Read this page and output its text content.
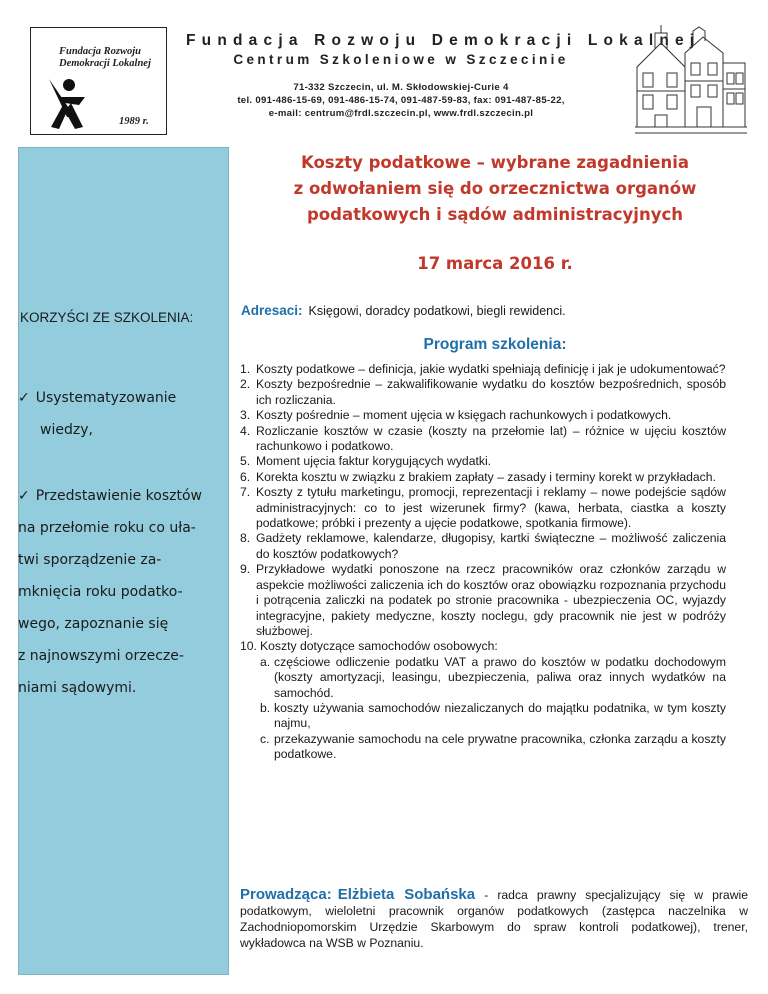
Fundacja Rozwoju
Demokracji Lokalnej
1989 r.
Fundacja Rozwoju Demokracji Lokalnej
Centrum Szkoleniowe w Szczecinie
71-332 Szczecin, ul. M. Skłodowskiej-Curie 4
tel. 091-486-15-69, 091-486-15-74, 091-487-59-83, fax: 091-487-85-22,
e-mail: centrum@frdl.szczecin.pl, www.frdl.szczecin.pl
KORZYŚCI ZE SZKOLENIA:
✓ Usystematyzowanie
wiedzy,
✓ Przedstawienie kosztów
na przełomie roku co uła-
twi sporządzenie za-
mknięcia roku podatko-
wego, zapoznanie się
z najnowszymi orzecze-
niami sądowymi.
Koszty podatkowe – wybrane zagadnienia
z odwołaniem się do orzecznictwa organów
podatkowych i sądów administracyjnych
17 marca 2016 r.
Adresaci: Księgowi, doradcy podatkowi, biegli rewidenci.
Program szkolenia:
1. Koszty podatkowe – definicja, jakie wydatki spełniają definicję i jak je udokumentować?
2. Koszty bezpośrednie – zakwalifikowanie wydatku do kosztów bezpośrednich, sposób ich rozliczania.
3. Koszty pośrednie – moment ujęcia w księgach rachunkowych i podatkowych.
4. Rozliczanie kosztów w czasie (koszty na przełomie lat) – różnice w ujęciu kosztów rachunkowo i podatkowo.
5. Moment ujęcia faktur korygujących wydatki.
6. Korekta kosztu w związku z brakiem zapłaty – zasady i terminy korekt w przykładach.
7. Koszty z tytułu marketingu, promocji, reprezentacji i reklamy – nowe podejście sądów administracyjnych: co to jest wizerunek firmy? (kawa, herbata, ciastka a koszty podatkowe; próbki i prezenty a ujęcie podatkowe, spotkania firmowe).
8. Gadżety reklamowe, kalendarze, długopisy, kartki świąteczne – możliwość zaliczenia do kosztów podatkowych?
9. Przykładowe wydatki ponoszone na rzecz pracowników oraz członków zarządu w aspekcie możliwości zaliczenia ich do kosztów oraz obowiązku rozpoznania przychodu i potrącenia zaliczki na podatek po stronie pracownika - ubezpieczenia OC, wyjazdy integracyjne, pakiety medyczne, koszty noclegu, gdy pracownik nie jest w podróży służbowej.
10. Koszty dotyczące samochodów osobowych:
a. częściowe odliczenie podatku VAT a prawo do kosztów w podatku dochodowym (koszty amortyzacji, leasingu, ubezpieczenia, paliwa oraz innych wydatków na samochód.
b. koszty używania samochodów niezaliczanych do majątku podatnika, w tym koszty najmu,
c. przekazywanie samochodu na cele prywatne pracownika, członka zarządu a koszty podatkowe.
Prowadząca: Elżbieta Sobańska - radca prawny specjalizujący się w prawie podatkowym, wieloletni pracownik organów podatkowych (zastępca naczelnika w Zachodniopomorskim Urzędzie Skarbowym do spraw kontroli podatkowej), trener, wykładowca na WSB w Poznaniu.
